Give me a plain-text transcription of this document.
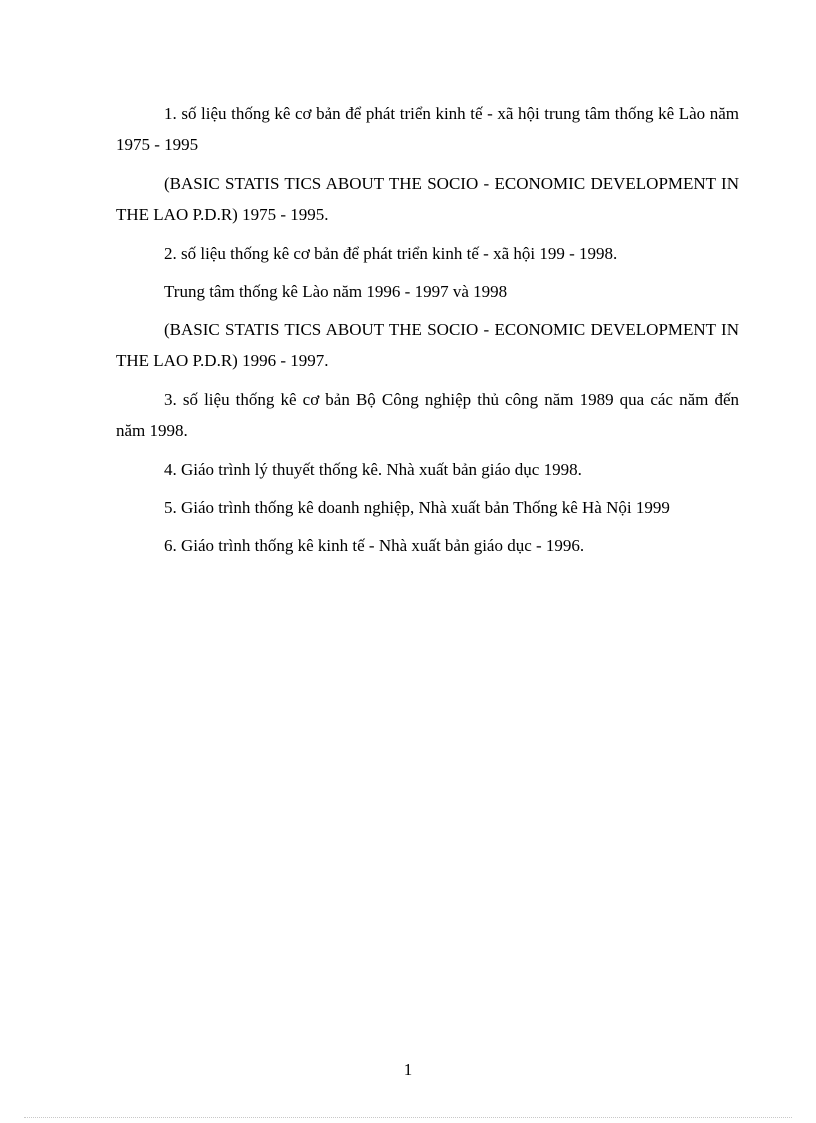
1. số liệu thống kê cơ bản để phát triển kinh tế - xã hội trung tâm thống kê Lào năm 1975 - 1995

(BASIC STATIS TICS ABOUT THE SOCIO - ECONOMIC DEVELOPMENT IN THE LAO P.D.R) 1975 - 1995.

2. số liệu thống kê cơ bản để phát triển kinh tế - xã hội 199 - 1998.

Trung tâm thống kê Lào năm 1996 - 1997 và 1998

(BASIC STATIS TICS ABOUT THE SOCIO - ECONOMIC DEVELOPMENT IN THE LAO P.D.R) 1996 - 1997.

3. số liệu thống kê cơ bản Bộ Công nghiệp thủ công năm 1989 qua các năm đến năm 1998.

4. Giáo trình lý thuyết thống kê. Nhà xuất bản giáo dục 1998.

5. Giáo trình thống kê doanh nghiệp, Nhà xuất bản Thống kê Hà Nội 1999

6. Giáo trình thống kê kinh tế - Nhà xuất bản giáo dục - 1996.

1
